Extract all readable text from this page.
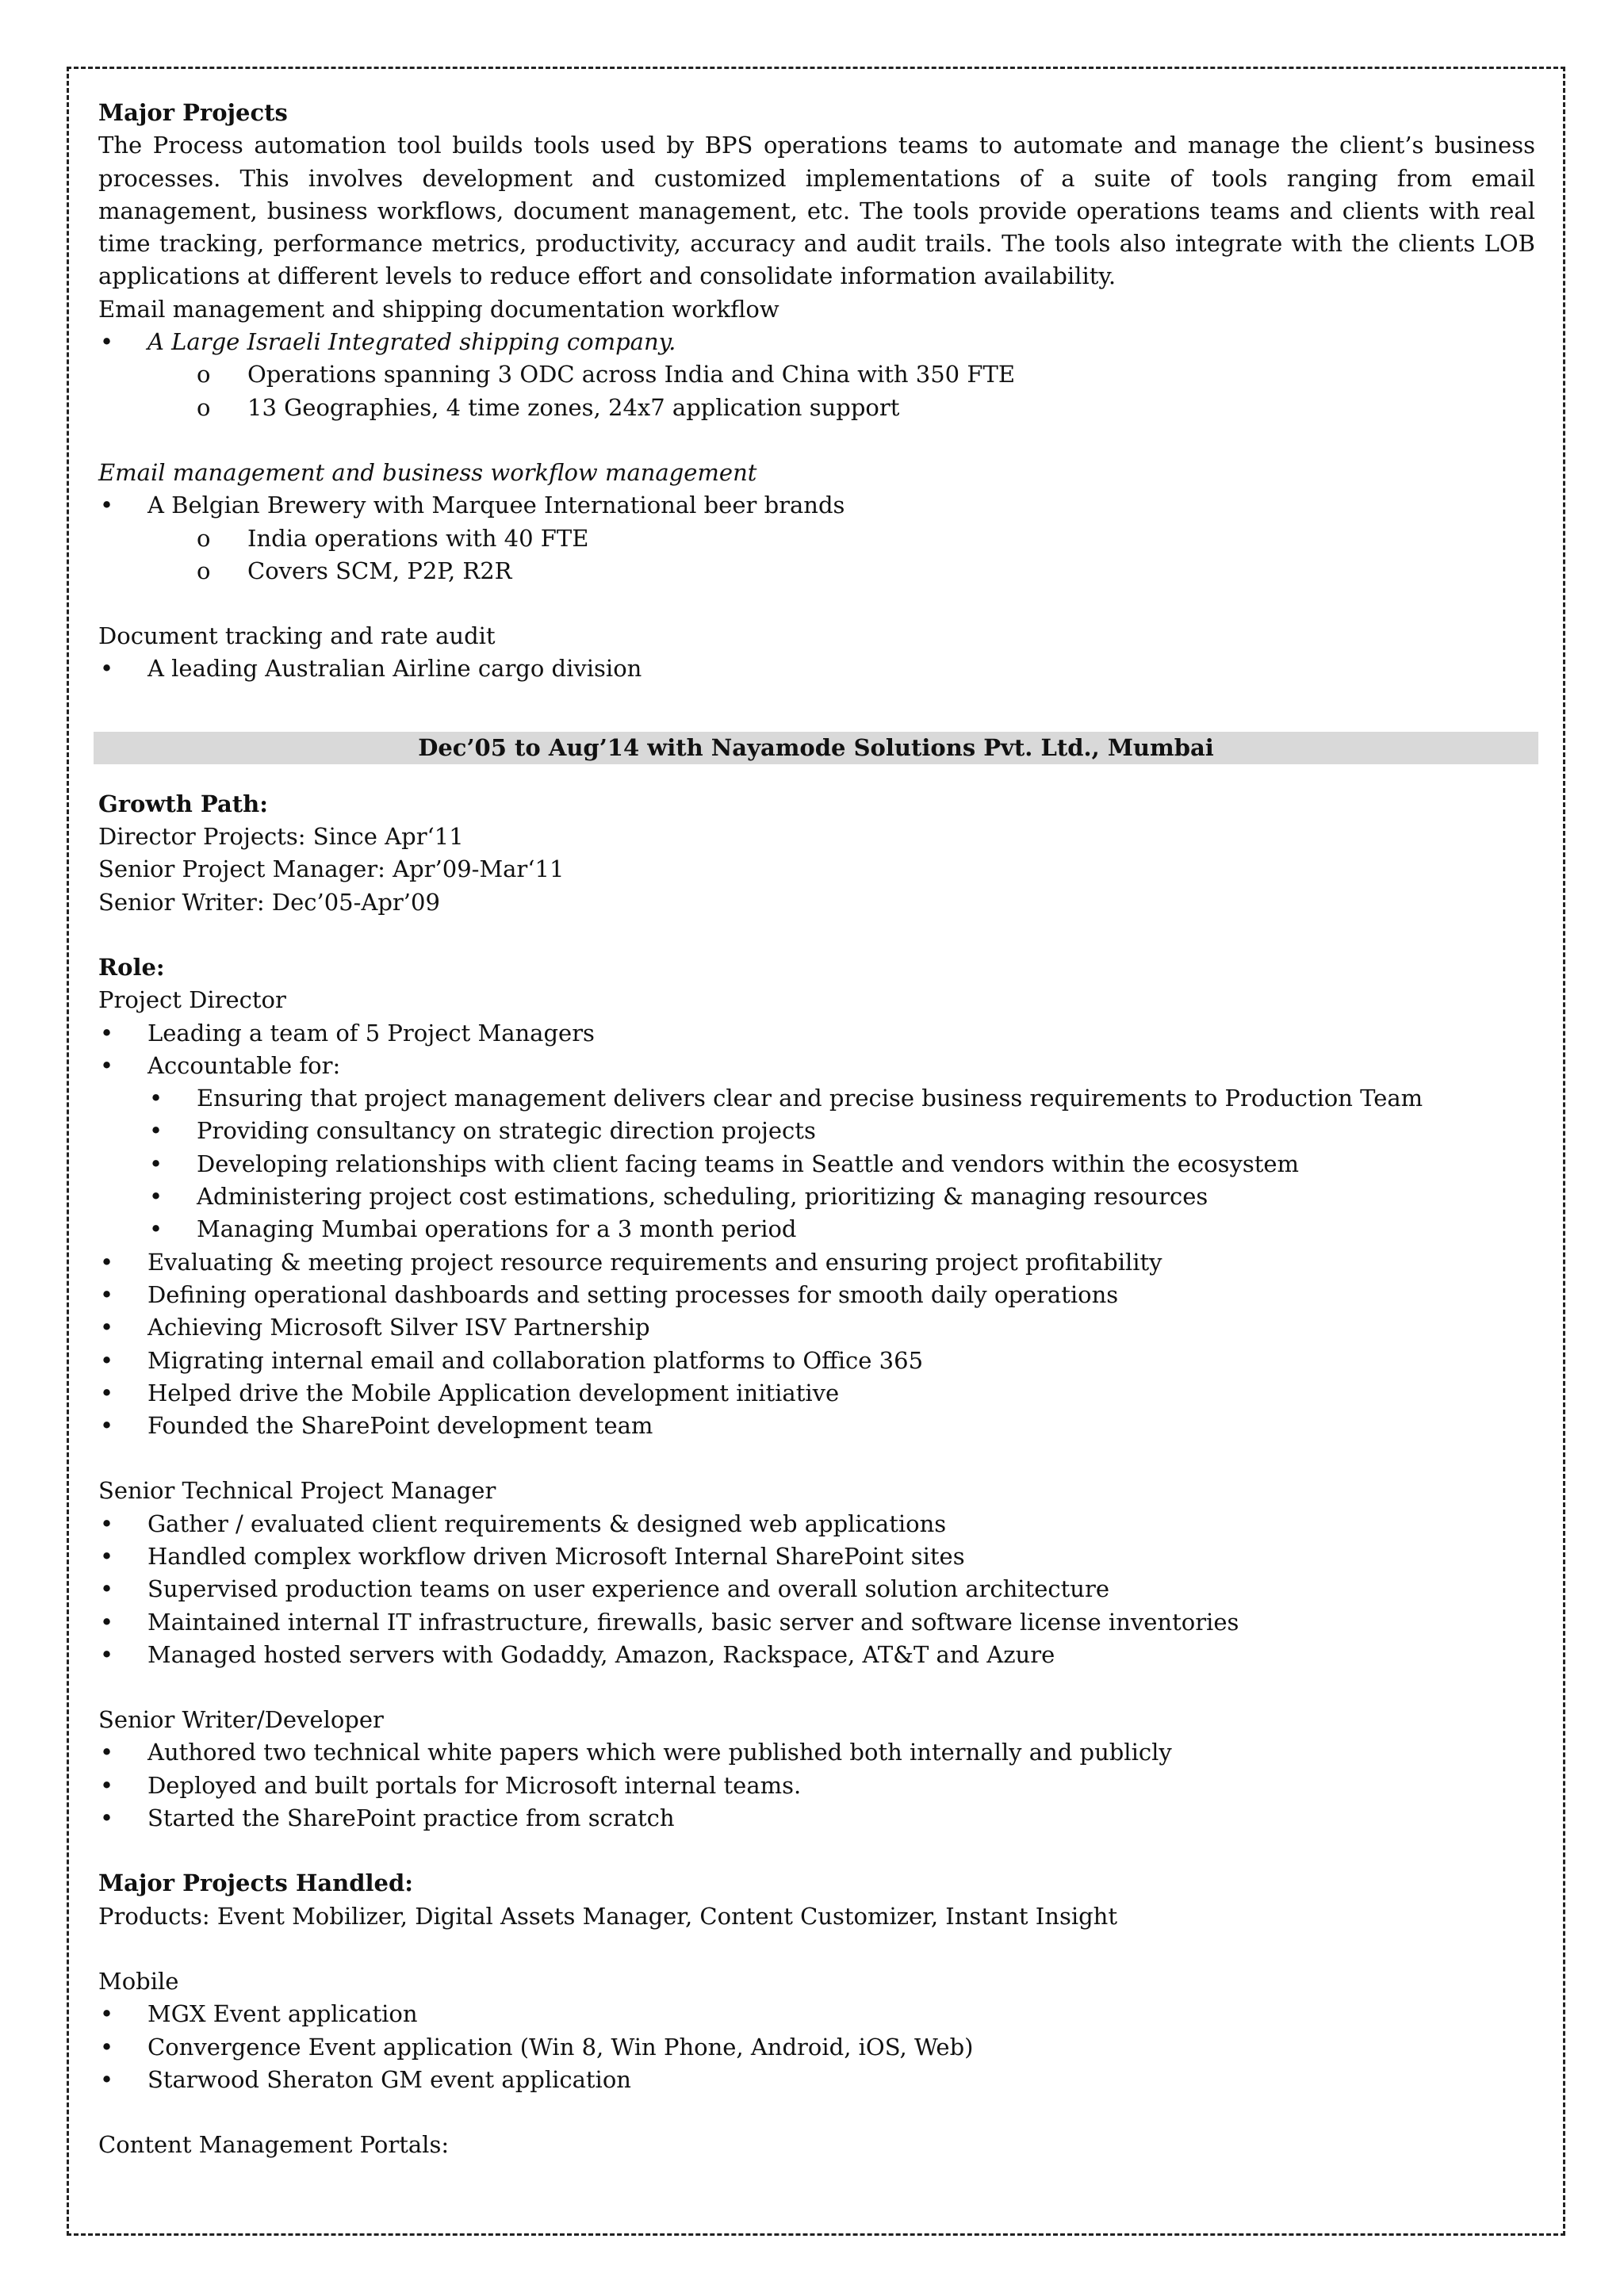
Major Projects
The Process automation tool builds tools used by BPS operations teams to automate and manage the client’s business processes. This involves development and customized implementations of a suite of tools ranging from email management, business workflows, document management, etc. The tools provide operations teams and clients with real time tracking, performance metrics, productivity, accuracy and audit trails. The tools also integrate with the clients LOB applications at different levels to reduce effort and consolidate information availability.
Email management and shipping documentation workflow
• A Large Israeli Integrated shipping company.
o Operations spanning 3 ODC across India and China with 350 FTE
o 13 Geographies, 4 time zones, 24x7 application support
Email management and business workflow management
• A Belgian Brewery with Marquee International beer brands
o India operations with 40 FTE
o Covers SCM, P2P, R2R
Document tracking and rate audit
• A leading Australian Airline cargo division
Dec’05 to Aug’14 with Nayamode Solutions Pvt. Ltd., Mumbai
Growth Path:
Director Projects: Since Apr‘11
Senior Project Manager: Apr’09-Mar‘11
Senior Writer: Dec’05-Apr’09
Role:
Project Director
• Leading a team of 5 Project Managers
• Accountable for:
• Ensuring that project management delivers clear and precise business requirements to Production Team
• Providing consultancy on strategic direction projects
• Developing relationships with client facing teams in Seattle and vendors within the ecosystem
• Administering project cost estimations, scheduling, prioritizing & managing resources
• Managing Mumbai operations for a 3 month period
• Evaluating & meeting project resource requirements and ensuring project profitability
• Defining operational dashboards and setting processes for smooth daily operations
• Achieving Microsoft Silver ISV Partnership
• Migrating internal email and collaboration platforms to Office 365
• Helped drive the Mobile Application development initiative
• Founded the SharePoint development team
Senior Technical Project Manager
• Gather / evaluated client requirements & designed web applications
• Handled complex workflow driven Microsoft Internal SharePoint sites
• Supervised production teams on user experience and overall solution architecture
• Maintained internal IT infrastructure, firewalls, basic server and software license inventories
• Managed hosted servers with Godaddy, Amazon, Rackspace, AT&T and Azure
Senior Writer/Developer
• Authored two technical white papers which were published both internally and publicly
• Deployed and built portals for Microsoft internal teams.
• Started the SharePoint practice from scratch
Major Projects Handled:
Products: Event Mobilizer, Digital Assets Manager, Content Customizer, Instant Insight
Mobile
• MGX Event application
• Convergence Event application (Win 8, Win Phone, Android, iOS, Web)
• Starwood Sheraton GM event application
Content Management Portals:
